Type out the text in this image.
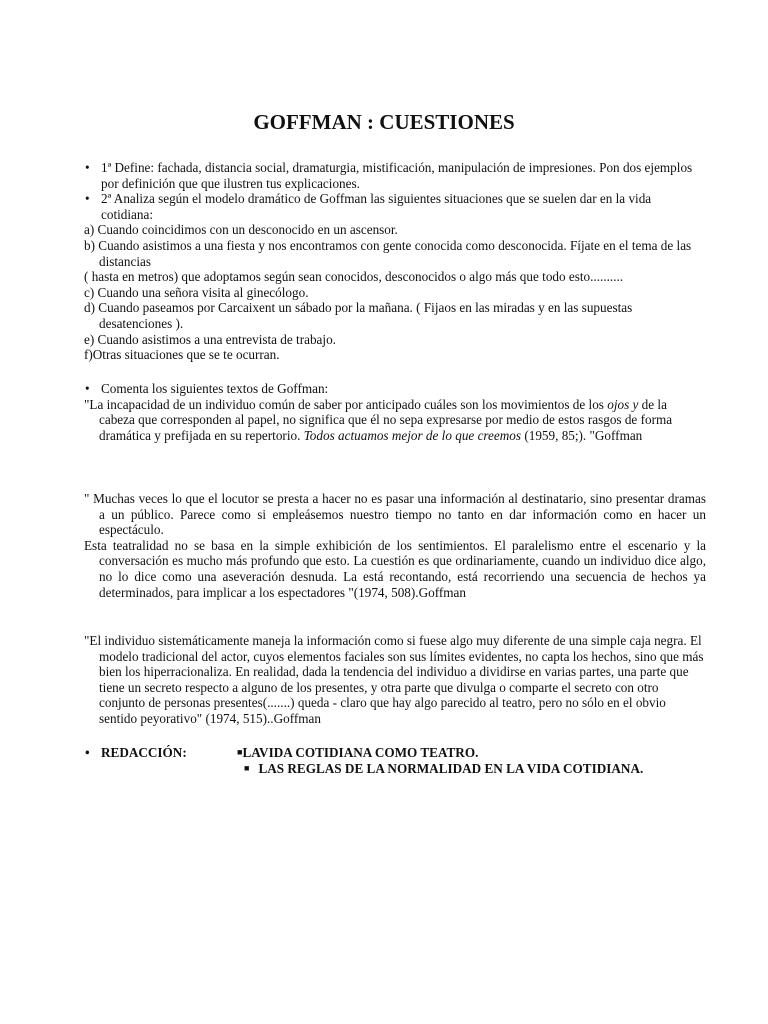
GOFFMAN : CUESTIONES
• 1ª Define: fachada, distancia social, dramaturgia, mistificación, manipulación de impresiones. Pon dos ejemplos por definición que que ilustren tus explicaciones.
• 2ª Analiza según el modelo dramático de Goffman las siguientes situaciones que se suelen dar en la vida cotidiana:

a) Cuando coincidimos con un desconocido en un ascensor.

b) Cuando asistimos a una fiesta y nos encontramos con gente conocida como desconocida. Fíjate en el tema de las distancias

( hasta en metros) que adoptamos según sean conocidos, desconocidos o algo más que todo esto..........

c) Cuando una señora visita al ginecólogo.

d) Cuando paseamos por Carcaixent un sábado por la mañana. ( Fijaos en las miradas y en las supuestas desatenciones ).

e) Cuando asistimos a una entrevista de trabajo.

f)Otras situaciones que se te ocurran.

• Comenta los siguientes textos de Goffman:

"La incapacidad de un individuo común de saber por anticipado cuáles son los movimientos de los ojos y de la cabeza que corresponden al papel, no significa que él no sepa expresarse por medio de estos rasgos de forma dramática y prefijada en su repertorio. Todos actuamos mejor de lo que creemos (1959, 85;). "Goffman

" Muchas veces lo que el locutor se presta a hacer no es pasar una información al destinatario, sino presentar dramas a un público. Parece como si empleásemos nuestro tiempo no tanto en dar información como en hacer un espectáculo.

Esta teatralidad no se basa en la simple exhibición de los sentimientos. El paralelismo entre el escenario y la conversación es mucho más profundo que esto. La cuestión es que ordinariamente, cuando un individuo dice algo, no lo dice como una aseveración desnuda. La está recontando, está recorriendo una secuencia de hechos ya determinados, para implicar a los espectadores "(1974, 508).Goffman

"El individuo sistemáticamente maneja la información como si fuese algo muy diferente de una simple caja negra. El modelo tradicional del actor, cuyos elementos faciales son sus límites evidentes, no capta los hechos, sino que más bien los hiperracionaliza. En realidad, dada la tendencia del individuo a dividirse en varias partes, una parte que tiene un secreto respecto a alguno de los presentes, y otra parte que divulga o comparte el secreto con otro conjunto de personas presentes(.......) queda - claro que hay algo parecido al teatro, pero no sólo en el obvio sentido peyorativo" (1974, 515)..Goffman

• REDACCIÓN:	■LAVIDA COTIDIANA COMO TEATRO.
■ LAS REGLAS DE LA NORMALIDAD EN LA VIDA COTIDIANA.
